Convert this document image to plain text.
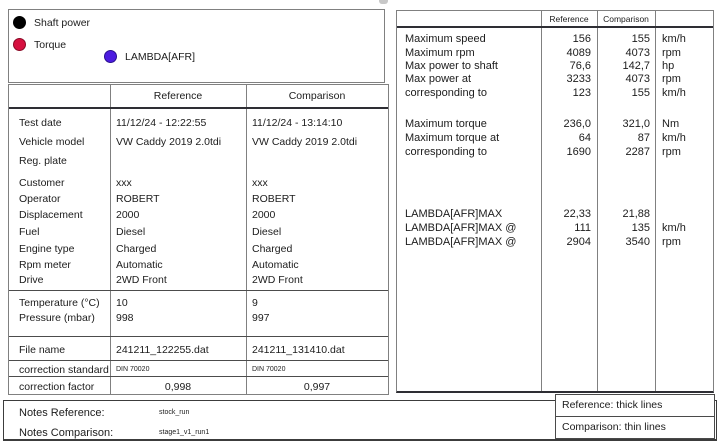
Shaft power
Torque
LAMBDA[AFR]
Reference	Comparison
Test date	11/12/24 - 12:22:55	11/12/24 - 13:14:10
Vehicle model	VW Caddy 2019 2.0tdi	VW Caddy 2019 2.0tdi
Reg. plate
Customer	xxx	xxx
Operator	ROBERT	ROBERT
Displacement	2000	2000
Fuel	Diesel	Diesel
Engine type	Charged	Charged
Rpm meter	Automatic	Automatic
Drive	2WD Front	2WD Front
Temperature (°C) 10	9
Pressure (mbar) 998	997
File name	241211_122255.dat	241211_131410.dat
correction standard DIN 70020	DIN 70020
correction factor	0,998	0,997
Reference	Comparison
Maximum speed	156	155 km/h
Maximum rpm	4089	4073 rpm
Max power to shaft	76,6	142,7 hp
Max power at	3233	4073 rpm
corresponding to	123	155 km/h
Maximum torque	236,0	321,0 Nm
Maximum torque at	64	87 km/h
corresponding to	1690	2287 rpm
LAMBDA[AFR]MAX	22,33	21,88
LAMBDA[AFR]MAX @	111	135 km/h
LAMBDA[AFR]MAX @	2904	3540 rpm
Notes Reference:	stock_run
Notes Comparison:	stage1_v1_run1
Reference: thick lines
Comparison: thin lines
